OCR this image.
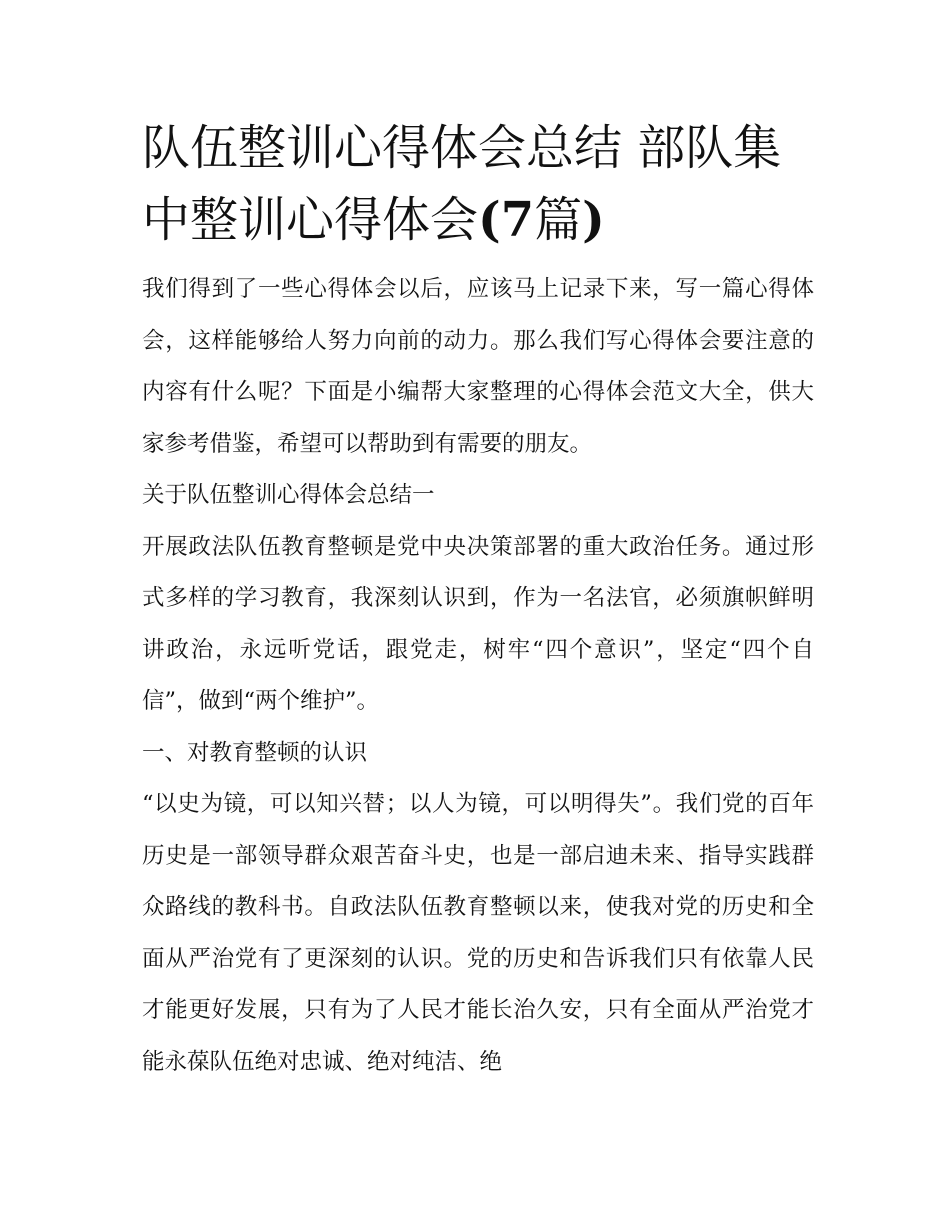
队伍整训心得体会总结 部队集中整训心得体会(7篇)

我们得到了一些心得体会以后，应该马上记录下来，写一篇心得体会，这样能够给人努力向前的动力。那么我们写心得体会要注意的内容有什么呢？下面是小编帮大家整理的心得体会范文大全，供大家参考借鉴，希望可以帮助到有需要的朋友。

关于队伍整训心得体会总结一

开展政法队伍教育整顿是党中央决策部署的重大政治任务。通过形式多样的学习教育，我深刻认识到，作为一名法官，必须旗帜鲜明讲政治，永远听党话，跟党走，树牢“四个意识”，坚定“四个自信”，做到“两个维护”。

一、对教育整顿的认识

“以史为镜，可以知兴替；以人为镜，可以明得失”。我们党的百年历史是一部领导群众艰苦奋斗史，也是一部启迪未来、指导实践群众路线的教科书。自政法队伍教育整顿以来，使我对党的历史和全面从严治党有了更深刻的认识。党的历史和告诉我们只有依靠人民才能更好发展，只有为了人民才能长治久安，只有全面从严治党才能永葆队伍绝对忠诚、绝对纯洁、绝
